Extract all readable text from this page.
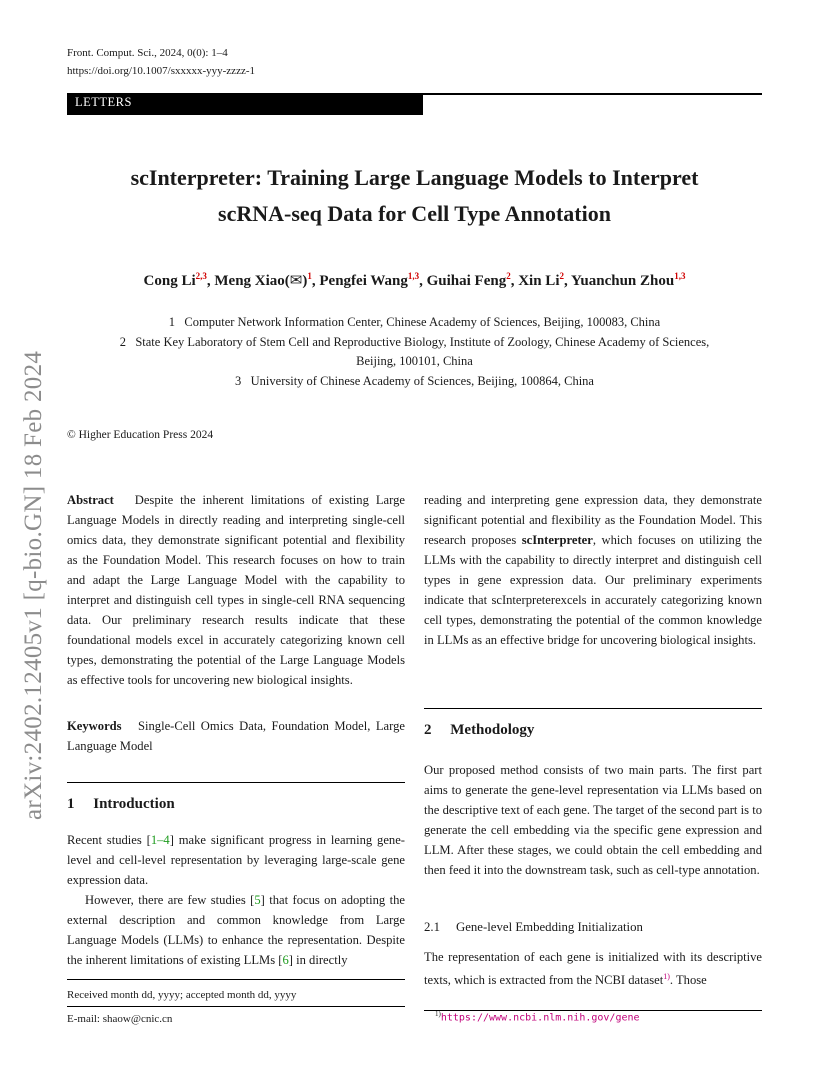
arXiv:2402.12405v1 [q-bio.GN] 18 Feb 2024
Front. Comput. Sci., 2024, 0(0): 1–4
https://doi.org/10.1007/sxxxxx-yyy-zzzz-1
LETTERS
scInterpreter: Training Large Language Models to Interpret
scRNA-seq Data for Cell Type Annotation
Cong Li$^{2,3}$, Meng Xiao(✉)$^1$, Pengfei Wang$^{1,3}$, Guihai Feng$^2$, Xin Li$^2$, Yuanchun Zhou$^{1,3}$
1   Computer Network Information Center, Chinese Academy of Sciences, Beijing, 100083, China
2   State Key Laboratory of Stem Cell and Reproductive Biology, Institute of Zoology, Chinese Academy of Sciences,
Beijing, 100101, China
3   University of Chinese Academy of Sciences, Beijing, 100864, China
© Higher Education Press 2024
Abstract Despite the inherent limitations of existing Large Language Models in directly reading and interpreting single-cell omics data, they demonstrate significant potential and flexibility as the Foundation Model. This research focuses on how to train and adapt the Large Language Model with the capability to interpret and distinguish cell types in single-cell RNA sequencing data. Our preliminary research results indicate that these foundational models excel in accurately categorizing known cell types, demonstrating the potential of the Large Language Models as effective tools for uncovering new biological insights.
Keywords Single-Cell Omics Data, Foundation Model, Large Language Model
1     Introduction
Recent studies [1–4] make significant progress in learning gene-level and cell-level representation by leveraging large-scale gene expression data.
However, there are few studies [5] that focus on adopting the external description and common knowledge from Large Language Models (LLMs) to enhance the representation. Despite the inherent limitations of existing LLMs [6] in directly
Received month dd, yyyy; accepted month dd, yyyy
E-mail: shaow@cnic.cn
reading and interpreting gene expression data, they demonstrate significant potential and flexibility as the Foundation Model. This research proposes scInterpreter, which focuses on utilizing the LLMs with the capability to directly interpret and distinguish cell types in gene expression data. Our preliminary experiments indicate that scInterpreterexcels in accurately categorizing known cell types, demonstrating the potential of the common knowledge in LLMs as an effective bridge for uncovering biological insights.
2     Methodology
Our proposed method consists of two main parts. The first part aims to generate the gene-level representation via LLMs based on the descriptive text of each gene. The target of the second part is to generate the cell embedding via the specific gene expression and LLM. After these stages, we could obtain the cell embedding and then feed it into the downstream task, such as cell-type annotation.
2.1     Gene-level Embedding Initialization
The representation of each gene is initialized with its descriptive texts, which is extracted from the NCBI dataset$^{1)}$. Those
$^{1)}$https://www.ncbi.nlm.nih.gov/gene
